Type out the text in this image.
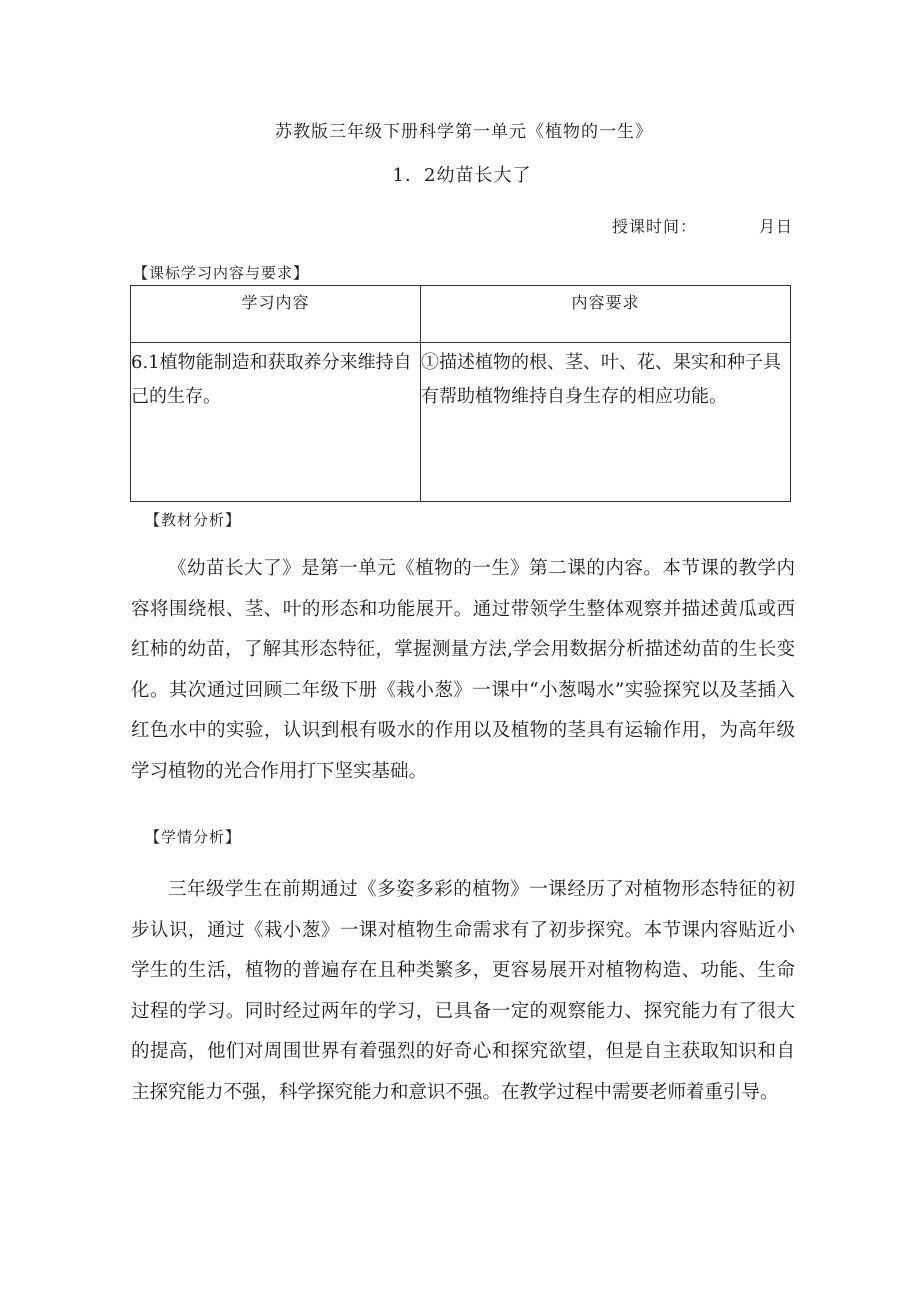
苏教版三年级下册科学第一单元《植物的一生》
1．2幼苗长大了
授课时间：	月日
【课标学习内容与要求】
学习内容	内容要求
6.1植物能制造和获取养分来维持自己的生存。	①描述植物的根、茎、叶、花、果实和种子具有帮助植物维持自身生存的相应功能。
【教材分析】

《幼苗长大了》是第一单元《植物的一生》第二课的内容。本节课的教学内容将围绕根、茎、叶的形态和功能展开。通过带领学生整体观察并描述黄瓜或西红柿的幼苗，了解其形态特征，掌握测量方法,学会用数据分析描述幼苗的生长变化。其次通过回顾二年级下册《栽小葱》一课中“小葱喝水”实验探究以及茎插入红色水中的实验，认识到根有吸水的作用以及植物的茎具有运输作用，为高年级学习植物的光合作用打下坚实基础。

【学情分析】

三年级学生在前期通过《多姿多彩的植物》一课经历了对植物形态特征的初步认识，通过《栽小葱》一课对植物生命需求有了初步探究。本节课内容贴近小学生的生活，植物的普遍存在且种类繁多，更容易展开对植物构造、功能、生命过程的学习。同时经过两年的学习，已具备一定的观察能力、探究能力有了很大的提高，他们对周围世界有着强烈的好奇心和探究欲望，但是自主获取知识和自主探究能力不强，科学探究能力和意识不强。在教学过程中需要老师着重引导。
